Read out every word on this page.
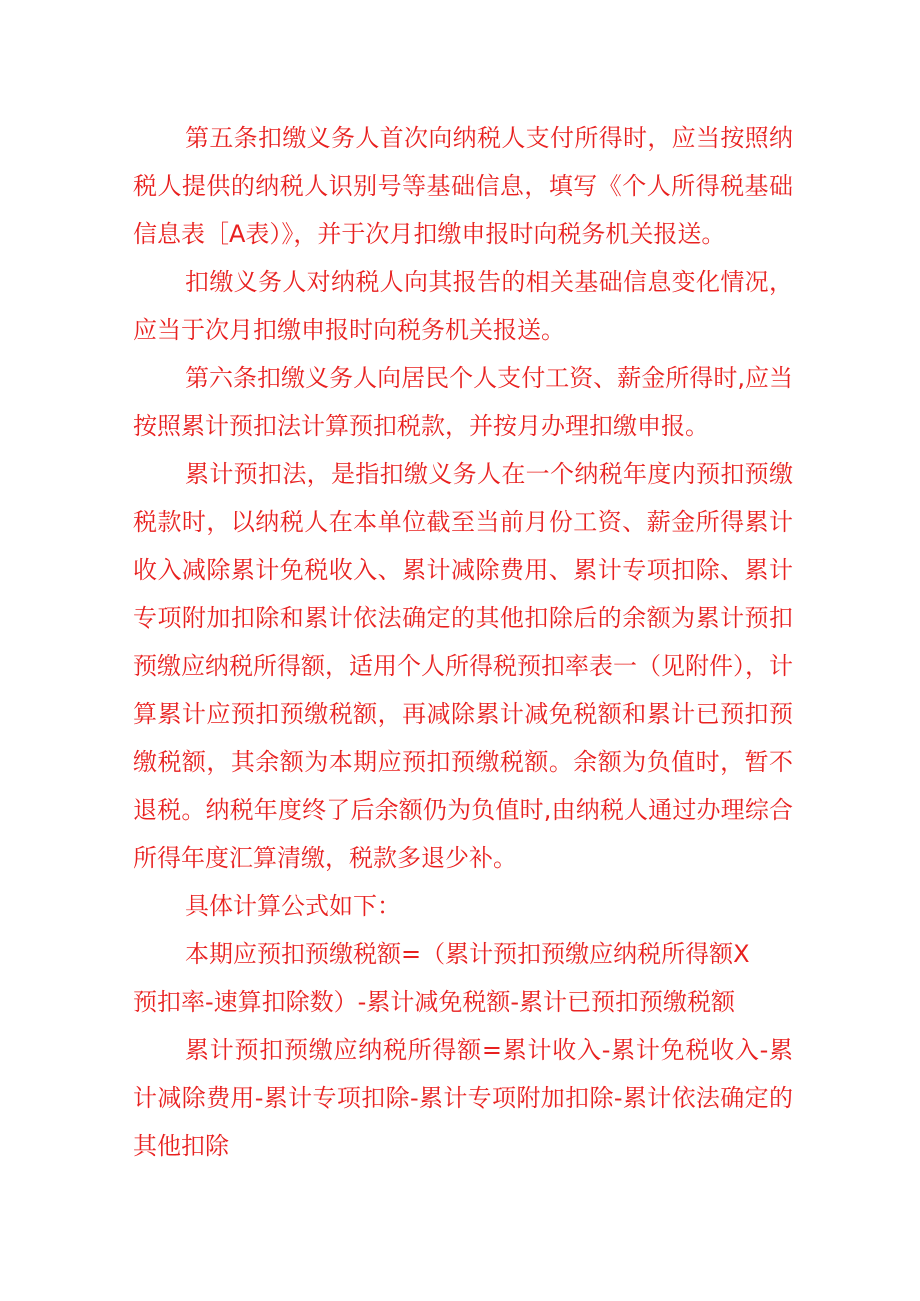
第五条扣缴义务人首次向纳税人支付所得时，应当按照纳税人提供的纳税人识别号等基础信息，填写《个人所得税基础信息表［A表）》，并于次月扣缴申报时向税务机关报送。

扣缴义务人对纳税人向其报告的相关基础信息变化情况，应当于次月扣缴申报时向税务机关报送。

第六条扣缴义务人向居民个人支付工资、薪金所得时,应当按照累计预扣法计算预扣税款，并按月办理扣缴申报。

累计预扣法，是指扣缴义务人在一个纳税年度内预扣预缴税款时，以纳税人在本单位截至当前月份工资、薪金所得累计收入减除累计免税收入、累计减除费用、累计专项扣除、累计专项附加扣除和累计依法确定的其他扣除后的余额为累计预扣预缴应纳税所得额，适用个人所得税预扣率表一（见附件），计算累计应预扣预缴税额，再减除累计减免税额和累计已预扣预缴税额，其余额为本期应预扣预缴税额。余额为负值时，暂不退税。纳税年度终了后余额仍为负值时,由纳税人通过办理综合所得年度汇算清缴，税款多退少补。

具体计算公式如下：

本期应预扣预缴税额=（累计预扣预缴应纳税所得额X

预扣率-速算扣除数）-累计减免税额-累计已预扣预缴税额

累计预扣预缴应纳税所得额=累计收入-累计免税收入-累计减除费用-累计专项扣除-累计专项附加扣除-累计依法确定的其他扣除
